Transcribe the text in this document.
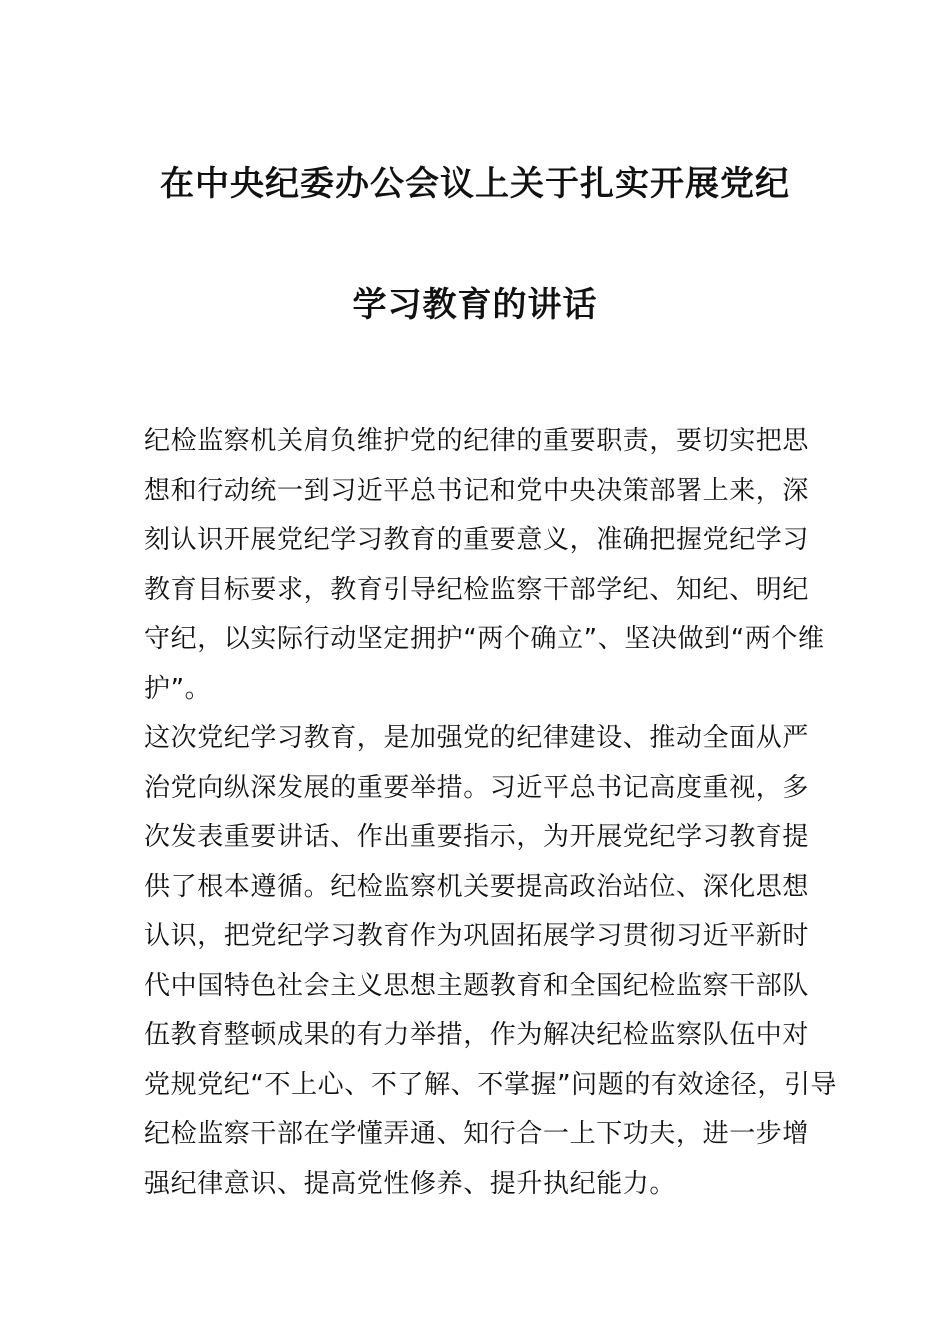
在中央纪委办公会议上关于扎实开展党纪
学习教育的讲话
纪检监察机关肩负维护党的纪律的重要职责，要切实把思
想和行动统一到习近平总书记和党中央决策部署上来，深
刻认识开展党纪学习教育的重要意义，准确把握党纪学习
教育目标要求，教育引导纪检监察干部学纪、知纪、明纪
守纪，以实际行动坚定拥护“两个确立”、坚决做到“两个维
护”。
这次党纪学习教育，是加强党的纪律建设、推动全面从严
治党向纵深发展的重要举措。习近平总书记高度重视，多
次发表重要讲话、作出重要指示，为开展党纪学习教育提
供了根本遵循。纪检监察机关要提高政治站位、深化思想
认识，把党纪学习教育作为巩固拓展学习贯彻习近平新时
代中国特色社会主义思想主题教育和全国纪检监察干部队
伍教育整顿成果的有力举措，作为解决纪检监察队伍中对
党规党纪“不上心、不了解、不掌握”问题的有效途径，引导
纪检监察干部在学懂弄通、知行合一上下功夫，进一步增
强纪律意识、提高党性修养、提升执纪能力。
